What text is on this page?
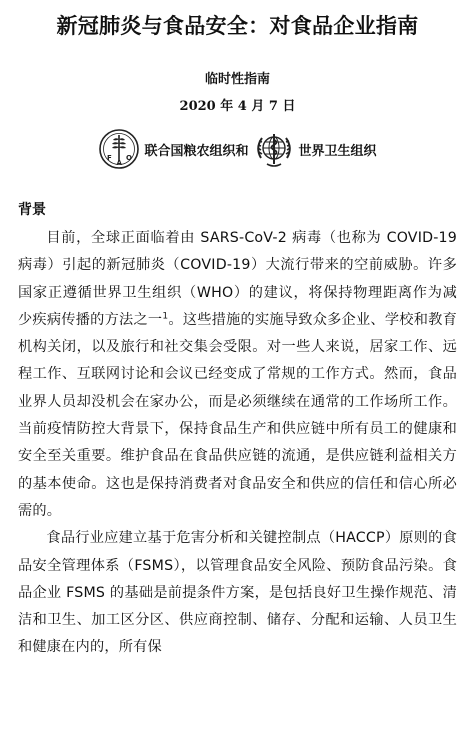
新冠肺炎与食品安全：对食品企业指南
临时性指南
2020 年 4 月 7 日
F
A
O 联合国粮农组织和	世界卫生组织
背景

目前，全球正面临着由 SARS-CoV-2 病毒（也称为 COVID-19 病毒）引起的新冠肺炎（COVID-19）大流行带来的空前威胁。许多国家正遵循世界卫生组织（WHO）的建议，将保持物理距离作为减少疾病传播的方法之一$^1$。这些措施的实施导致众多企业、学校和教育机构关闭，以及旅行和社交集会受限。对一些人来说，居家工作、远程工作、互联网讨论和会议已经变成了常规的工作方式。然而，食品业界人员却没机会在家办公，而是必须继续在通常的工作场所工作。当前疫情防控大背景下，保持食品生产和供应链中所有员工的健康和安全至关重要。维护食品在食品供应链的流通，是供应链利益相关方的基本使命。这也是保持消费者对食品安全和供应的信任和信心所必需的。

食品行业应建立基于危害分析和关键控制点（HACCP）原则的食品安全管理体系（FSMS），以管理食品安全风险、预防食品污染。食品企业 FSMS 的基础是前提条件方案，是包括良好卫生操作规范、清洁和卫生、加工区分区、供应商控制、储存、分配和运输、人员卫生和健康在内的，所有保
